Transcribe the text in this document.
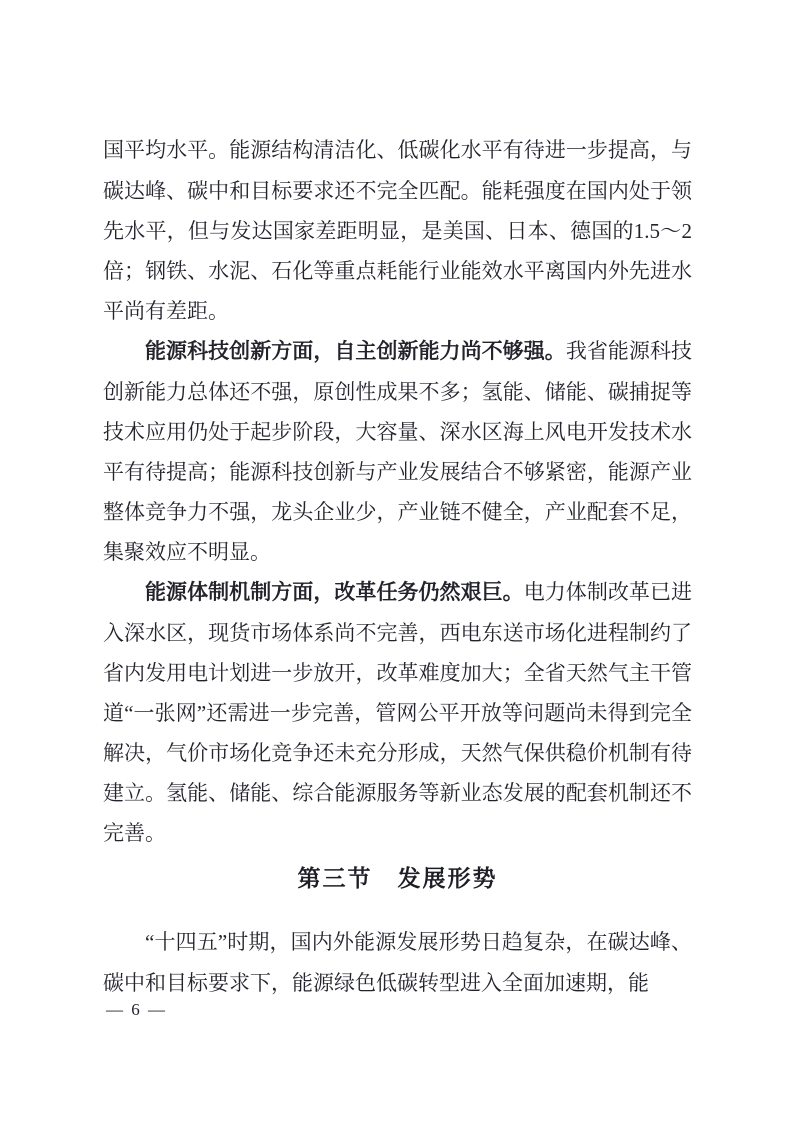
国平均水平。能源结构清洁化、低碳化水平有待进一步提高，与碳达峰、碳中和目标要求还不完全匹配。能耗强度在国内处于领先水平，但与发达国家差距明显，是美国、日本、德国的1.5～2倍；钢铁、水泥、石化等重点耗能行业能效水平离国内外先进水平尚有差距。

能源科技创新方面，自主创新能力尚不够强。我省能源科技创新能力总体还不强，原创性成果不多；氢能、储能、碳捕捉等技术应用仍处于起步阶段，大容量、深水区海上风电开发技术水平有待提高；能源科技创新与产业发展结合不够紧密，能源产业整体竞争力不强，龙头企业少，产业链不健全，产业配套不足，集聚效应不明显。

能源体制机制方面，改革任务仍然艰巨。电力体制改革已进入深水区，现货市场体系尚不完善，西电东送市场化进程制约了省内发用电计划进一步放开，改革难度加大；全省天然气主干管道“一张网”还需进一步完善，管网公平开放等问题尚未得到完全解决，气价市场化竞争还未充分形成，天然气保供稳价机制有待建立。氢能、储能、综合能源服务等新业态发展的配套机制还不完善。

第三节　发展形势

“十四五”时期，国内外能源发展形势日趋复杂，在碳达峰、碳中和目标要求下，能源绿色低碳转型进入全面加速期，能

— 6 —
